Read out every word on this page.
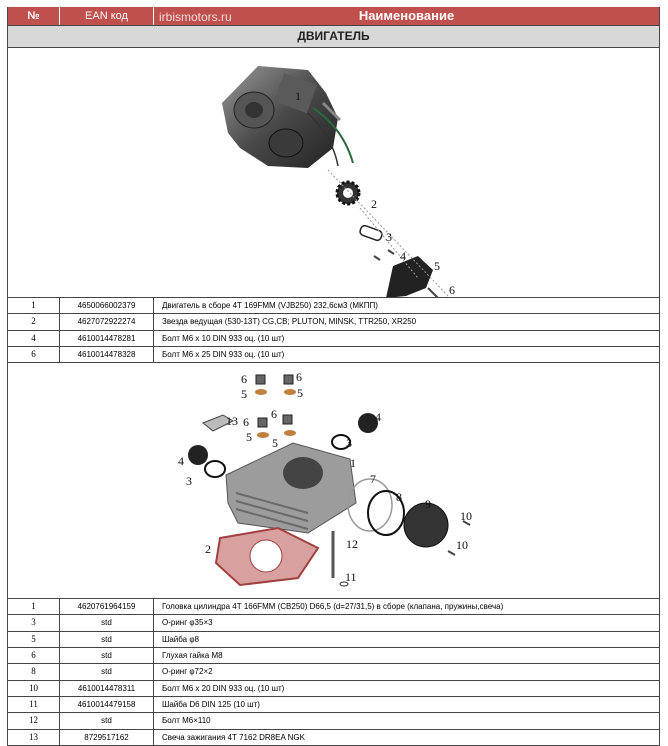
№	EAN код	irbismotors.ru	Наименование
ДВИГАТЕЛЬ
1
2
3
4
5
6
1	4650066002379	Двигатель в сборе 4Т 169FMM (VJB250) 232,6см3 (МКПП)
2	4627072922274	Звезда ведущая (530-13Т) CG,CB; PLUTON, MINSK, TTR250, XR250
4	4610014478281	Болт М6 х 10 DIN 933 оц. (10 шт)
6	4610014478328	Болт М6 х 25 DIN 933 оц. (10 шт)
6	6
5	5
13 6
6
5 5
4
4
3
3
1
7
8 9
10
10
2	12
11
1	4620761964159	Головка цилиндра 4Т 166FMM (CB250) D66,5 (d=27/31,5) в сборе (клапана, пружины,свеча)
3	std	О-ринг φ35×3
5	std	Шайба φ8
6	std	Глухая гайка М8
8	std	О-ринг φ72×2
10	4610014478311	Болт М6 х 20 DIN 933 оц. (10 шт)
11	4610014479158	Шайба D6 DIN 125 (10 шт)
12	std	Болт М6×110
13	8729517162	Свеча зажигания 4Т 7162 DR8EA NGK
